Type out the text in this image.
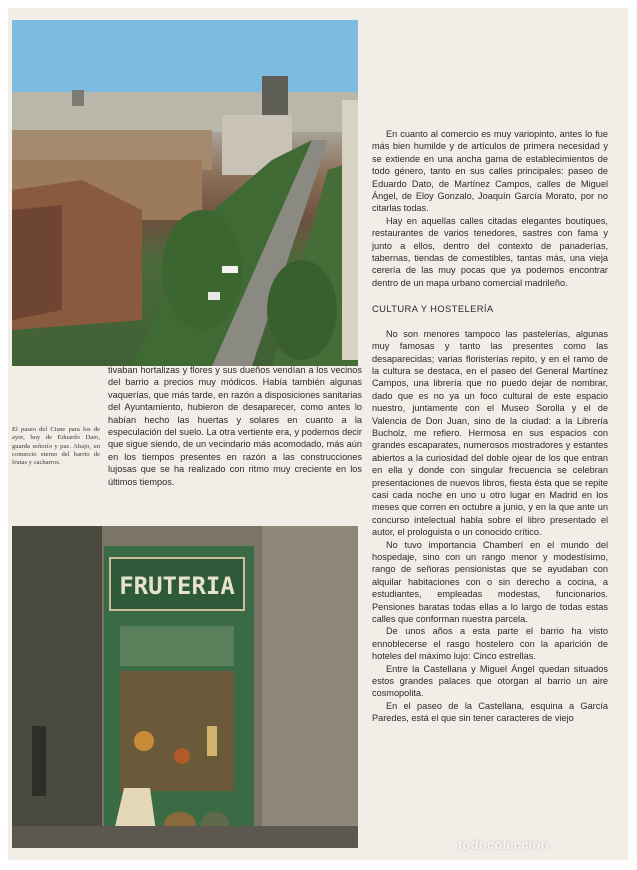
El paseo del Cisne para los de ayer, hoy de Eduardo Dato, guarda señorío y paz. Abajo, un comercio eterno del barrio de frutas y cacharros.

tivaban hortalizas y flores y sus dueños vendían a los vecinos del barrio a precios muy módicos. Había también algunas vaquerías, que más tarde, en razón a disposiciones sanitarias del Ayuntamiento, hubieron de desaparecer, como antes lo habían hecho las huertas y solares en cuanto a la especulación del suelo. La otra vertiente era, y podemos decir que sigue siendo, de un vecindario más acomodado, más aún en los tiempos presentes en razón a las construcciones lujosas que se ha realizado con ritmo muy creciente en los últimos tiempos.

En cuanto al comercio es muy variopinto, antes lo fue más bien humilde y de artículos de primera necesidad y se extiende en una ancha gama de establecimientos de todo género, tanto en sus calles principales: paseo de Eduardo Dato, de Martínez Campos, calles de Miguel Ángel, de Eloy Gonzalo, Joaquín García Morato, por no citarlas todas.

Hay en aquellas calles citadas elegantes boutiques, restaurantes de varios tenedores, sastres con fama y junto a ellos, dentro del contexto de panaderías, tabernas, tiendas de comestibles, tantas más, una vieja cerería de las muy pocas que ya podemos encontrar dentro de un mapa urbano comercial madrileño.

CULTURA Y HOSTELERÍA

No son menores tampoco las pastelerías, algunas muy famosas y tanto las presentes como las desaparecidas; varias floristerías repito, y en el ramo de la cultura se destaca, en el paseo del General Martínez Campos, una librería que no puedo dejar de nombrar, dado que es no ya un foco cultural de este espacio nuestro, juntamente con el Museo Sorolla y el de Valencia de Don Juan, sino de la ciudad: a la Librería Bucholz, me refiero. Hermosa en sus espacios con grandes escaparates, numerosos mostradores y estantes abiertos a la curiosidad del doble ojear de los que entran en ella y donde con singular frecuencia se celebran presentaciones de nuevos libros, fiesta ésta que se repite casi cada noche en uno u otro lugar en Madrid en los meses que corren en octubre a junio, y en la que ante un concurso intelectual habla sobre el libro presentado el autor, el prologuista o un conocido crítico.

No tuvo importancia Chamberí en el mundo del hospedaje, sino con un rango menor y modestísimo, rango de señoras pensionistas que se ayudaban con alquilar habitaciones con o sin derecho a cocina, a estudiantes, empleadas modestas, funcionarios. Pensiones baratas todas ellas a lo largo de todas estas calles que conforman nuestra parcela.

De unos años a esta parte el barrio ha visto ennoblecerse el rasgo hostelero con la aparición de hoteles del máximo lujo: Cinco estrellas.

Entre la Castellana y Miguel Ángel quedan situados estos grandes palaces que otorgan al barrio un aire cosmopolita.

En el paseo de la Castellana, esquina a García Paredes, está el que sin tener caracteres de viejo

FRUTERIA
todocoleccion
